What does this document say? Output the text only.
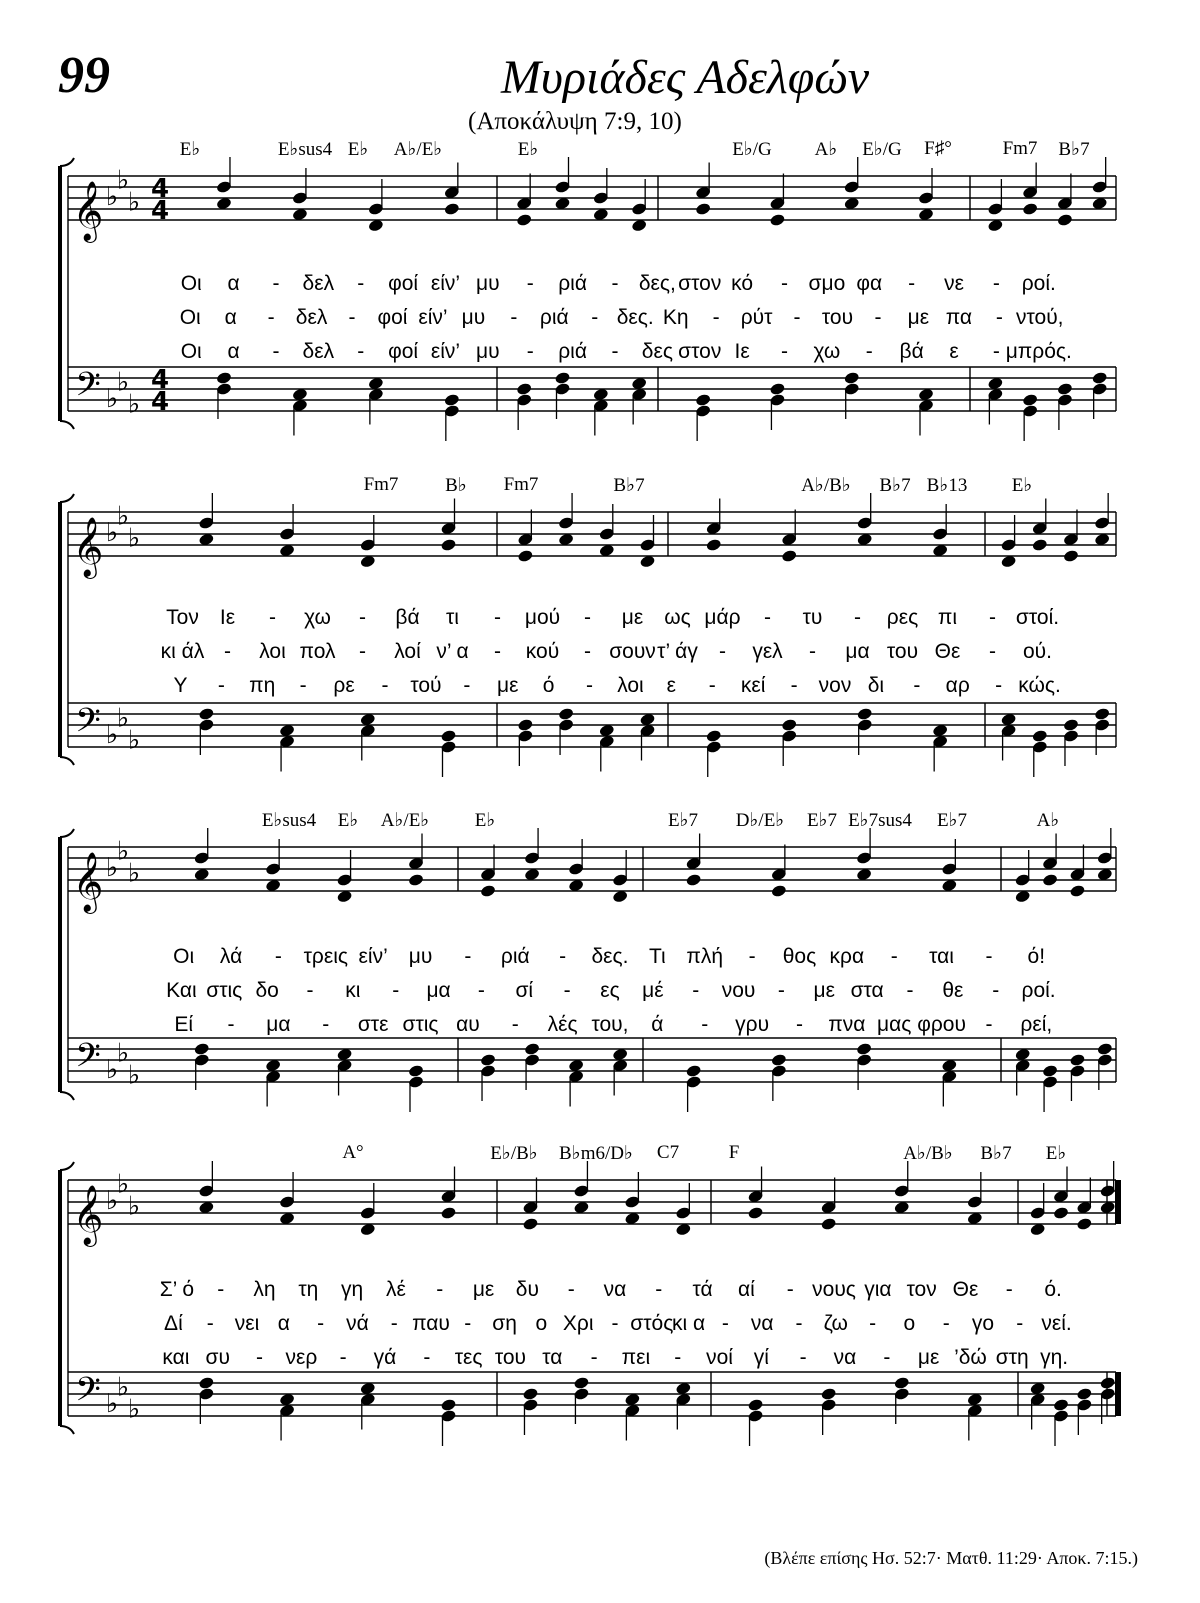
99	Μυριάδες Αδελφών
(Αποκάλυψη 7:9, 10)
(Βλέπε επίσης Ησ. 52:7· Ματθ. 11:29· Αποκ. 7:15.)
𝄞
𝄢
♭
♭
♭
♭
♭
♭
4
4
4
4
𝄞
𝄢
♭
♭
♭
♭
♭
♭
𝄞
𝄢
♭
♭
♭
♭
♭
♭
𝄞
𝄢
♭
♭
♭
♭
♭
♭
E♭	E♭sus4 E♭ A♭/E♭	E♭	E♭/G A♭ E♭/G F♯°	Fm7 B♭7
Οι α - δελ - φοί είν’ μυ - ριά - δες, στον κό - σμο φα - νε - ροί.
Οι α - δελ - φοί είν’ μυ - ριά - δες. Κη - ρύτ - του - με πα - ντού,
Οι α - δελ - φοί είν’ μυ - ριά - δες στον Ιε - χω - βά ε - μπρός.
Fm7 B♭ Fm7	B♭7	A♭/B♭ B♭7 B♭13 E♭
Τον Ιε - χω - βά τι - μού - με ως μάρ - τυ - ρες πι - στοί.
κι άλ - λοι πολ - λοί ν’ α - κού - σουν τ’ άγ - γελ - μα του Θε - ού.
Υ - πη - ρε - τού - με ό - λοι ε - κεί - νον δι - αρ - κώς.
E♭sus4 E♭ A♭/E♭ E♭	E♭7 D♭/E♭ E♭7 E♭7sus4 E♭7	A♭
Οι λά - τρεις είν’ μυ - ριά - δες. Τι πλή - θος κρα - ται - ό!
Και στις δο - κι - μα - σί - ες μέ - νου - με στα - θε - ροί.
Εί - μα - στε στις αυ - λές του, ά - γρυ - πνα μας φρου - ρεί,
A°	E♭/B♭ B♭m6/D♭ C7	F	A♭/B♭ B♭7 E♭
Σ’ ό - λη τη γη λέ - με δυ - να - τά αί - νους για τον Θε - ό.
Δί - νει α - νά - παυ - ση ο Χρι - στός
κι α - να - ζω - ο - γο - νεί.
και συ - νερ - γά - τες του τα - πει - νοί γί - να - με ’δώ στη γη.
